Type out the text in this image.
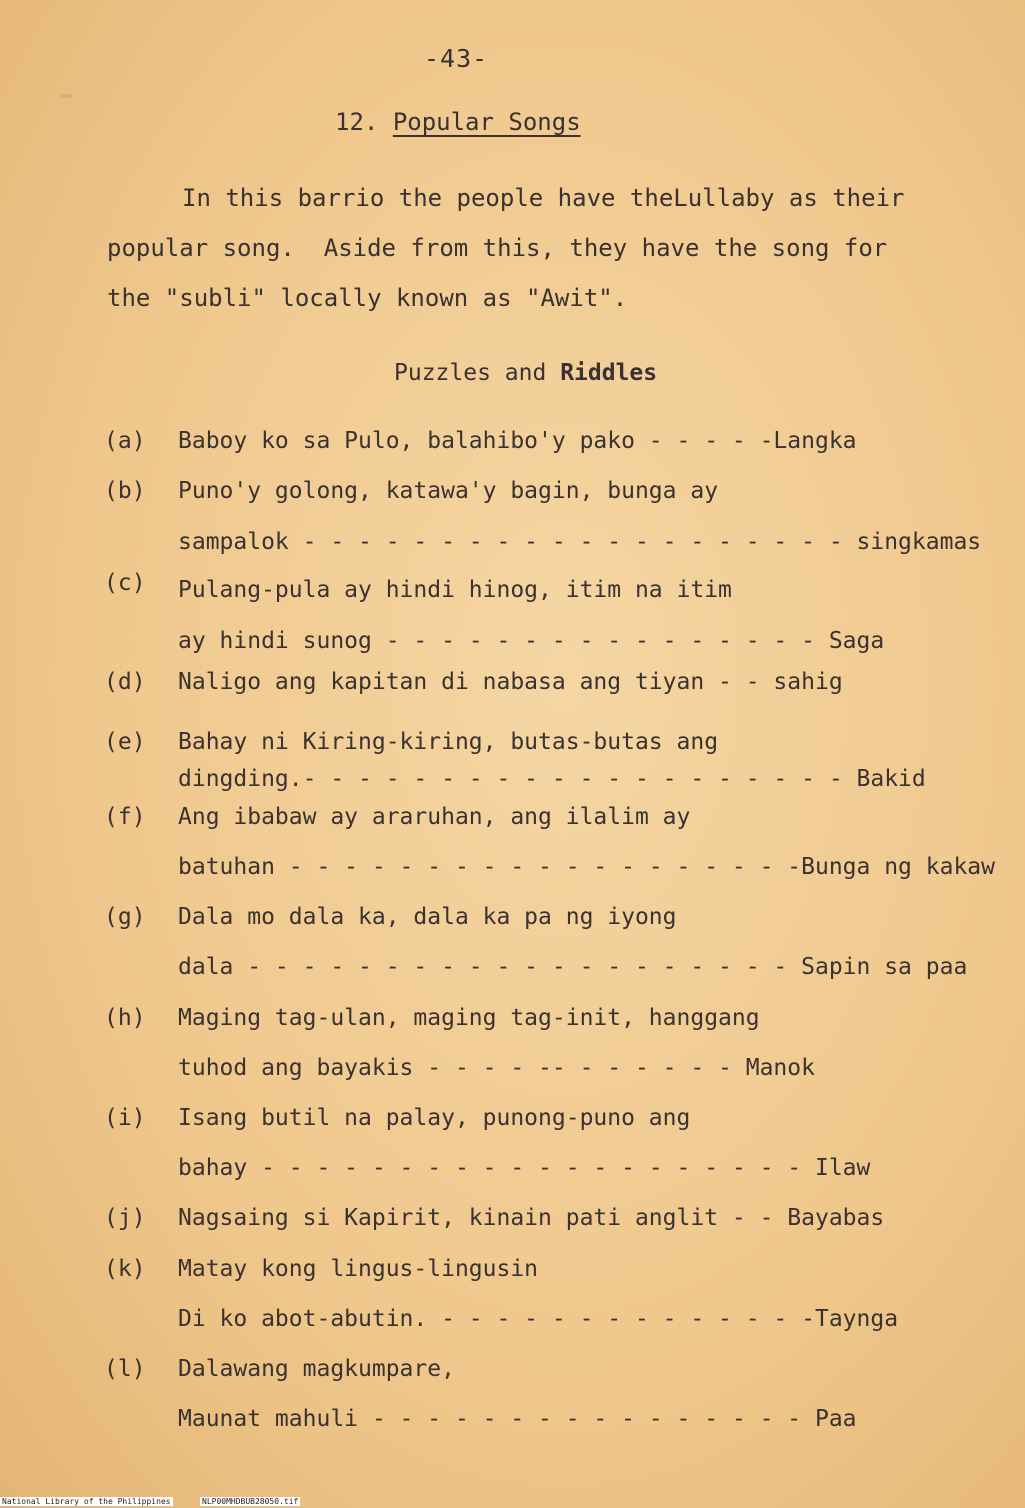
-43-
12. Popular Songs
In this barrio the people have theLullaby as their
popular song.  Aside from this, they have the song for
the "subli" locally known as "Awit".
Puzzles and Riddles
(a) Baboy ko sa Pulo, balahibo'y pako - - - - -Langka
(b) Puno'y golong, katawa'y bagin, bunga ay
sampalok - - - - - - - - - - - - - - - - - - - - singkamas
(c) Pulang-pula ay hindi hinog, itim na itim
ay hindi sunog - - - - - - - - - - - - - - - - Saga
(d) Naligo ang kapitan di nabasa ang tiyan - - sahig
(e) Bahay ni Kiring-kiring, butas-butas ang
dingding.- - - - - - - - - - - - - - - - - - - - Bakid
(f) Ang ibabaw ay araruhan, ang ilalim ay
batuhan - - - - - - - - - - - - - - - - - - -Bunga ng kakaw
(g) Dala mo dala ka, dala ka pa ng iyong
dala - - - - - - - - - - - - - - - - - - - - Sapin sa paa
(h) Maging tag-ulan, maging tag-init, hanggang
tuhod ang bayakis - - - - -- - - - - - - Manok
(i) Isang butil na palay, punong-puno ang
bahay - - - - - - - - - - - - - - - - - - - - Ilaw
(j) Nagsaing si Kapirit, kinain pati anglit - - Bayabas
(k) Matay kong lingus-lingusin
Di ko abot-abutin. - - - - - - - - - - - - - -Taynga
(l) Dalawang magkumpare,
Maunat mahuli - - - - - - - - - - - - - - - - Paa
National Library of the Philippines	NLP00MHDBUB28050.tif
